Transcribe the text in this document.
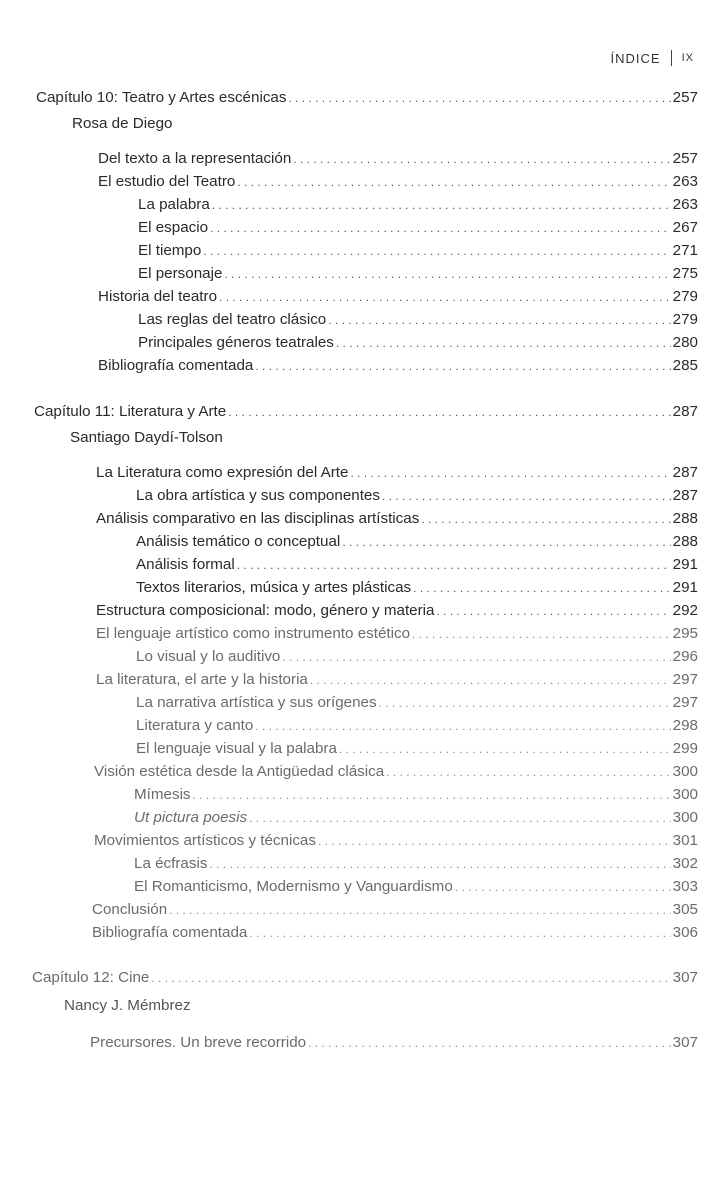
ÍNDICE IX
Capítulo 10: Teatro y Artes escénicas . . .	257
Rosa de Diego
Del texto a la representación . . .	257
El estudio del Teatro . . .	263
La palabra . . .	263
El espacio . . .	267
El tiempo . . .	271
El personaje . . .	275
Historia del teatro . . .	279
Las reglas del teatro clásico . . .	279
Principales géneros teatrales . . .	280
Bibliografía comentada . . .	285
Capítulo 11: Literatura y Arte . . .	287
Santiago Daydí-Tolson
La Literatura como expresión del Arte . . .	287
La obra artística y sus componentes . . .	287
Análisis comparativo en las disciplinas artísticas . . .	288
Análisis temático o conceptual . . .	288
Análisis formal . . .	291
Textos literarios, música y artes plásticas . . .	291
Estructura composicional: modo, género y materia . . .	292
El lenguaje artístico como instrumento estético . . .	295
Lo visual y lo auditivo . . .	296
La literatura, el arte y la historia . . .	297
La narrativa artística y sus orígenes . . .	297
Literatura y canto . . .	298
El lenguaje visual y la palabra . . .	299
Visión estética desde la Antigüedad clásica . . .	300
Mímesis . . .	300
Ut pictura poesis . . .	300
Movimientos artísticos y técnicas . . .	301
La écfrasis . . .	302
El Romanticismo, Modernismo y Vanguardismo . . .	303
Conclusión . . .	305
Bibliografía comentada . . .	306
Capítulo 12: Cine . . .	307
Nancy J. Mémbrez
Precursores. Un breve recorrido . . .	307
